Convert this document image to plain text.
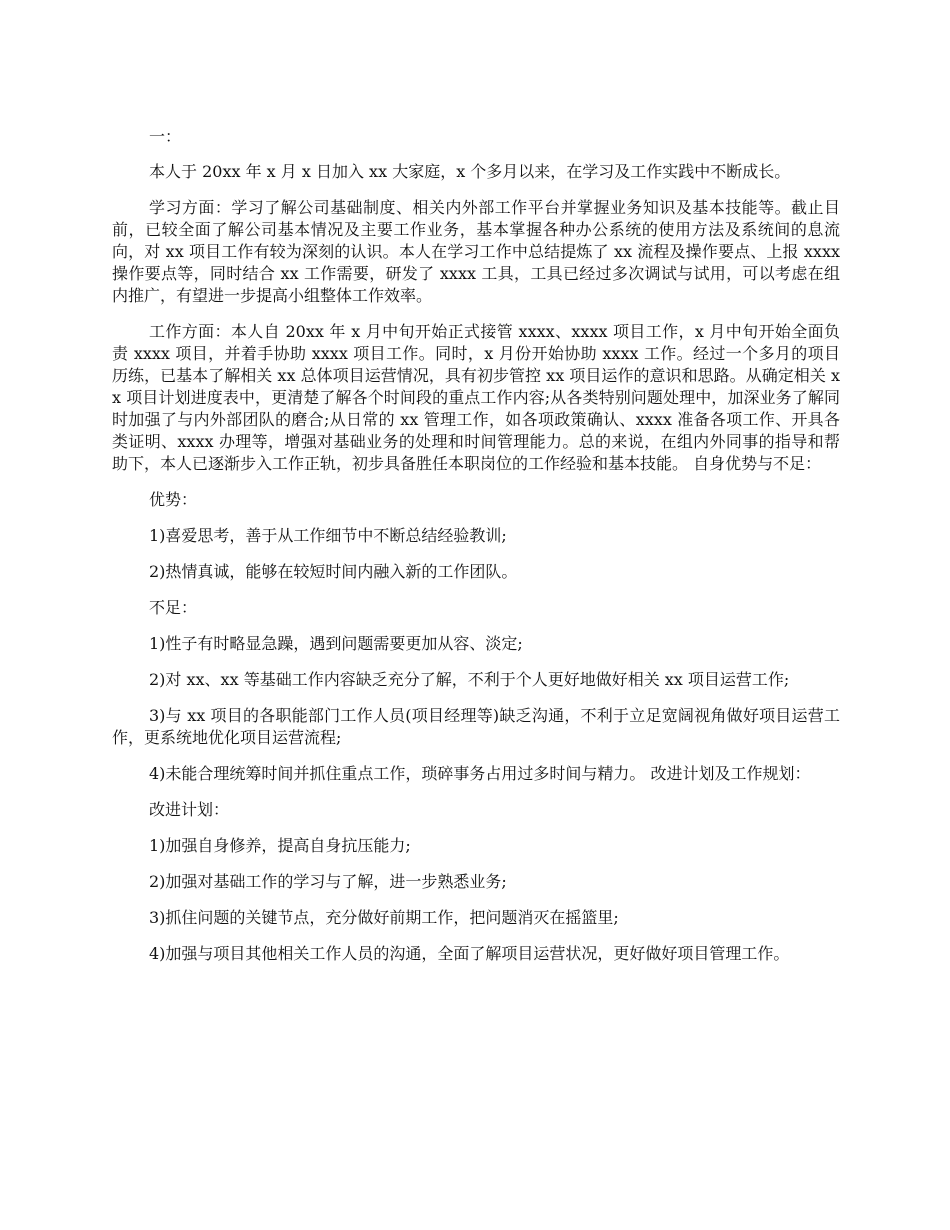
一：

本人于 20xx 年 x 月 x 日加入 xx 大家庭，x 个多月以来，在学习及工作实践中不断成长。

学习方面：学习了解公司基础制度、相关内外部工作平台并掌握业务知识及基本技能等。截止目前，已较全面了解公司基本情况及主要工作业务，基本掌握各种办公系统的使用方法及系统间的息流向，对 xx 项目工作有较为深刻的认识。本人在学习工作中总结提炼了 xx 流程及操作要点、上报 xxxx 操作要点等，同时结合 xx 工作需要，研发了 xxxx 工具，工具已经过多次调试与试用，可以考虑在组内推广，有望进一步提高小组整体工作效率。

工作方面：本人自 20xx 年 x 月中旬开始正式接管 xxxx、xxxx 项目工作，x 月中旬开始全面负责 xxxx 项目，并着手协助 xxxx 项目工作。同时，x 月份开始协助 xxxx 工作。经过一个多月的项目历练，已基本了解相关 xx 总体项目运营情况，具有初步管控 xx 项目运作的意识和思路。从确定相关 xx 项目计划进度表中，更清楚了解各个时间段的重点工作内容;从各类特别问题处理中，加深业务了解同时加强了与内外部团队的磨合;从日常的 xx 管理工作，如各项政策确认、xxxx 准备各项工作、开具各类证明、xxxx 办理等，增强对基础业务的处理和时间管理能力。总的来说，在组内外同事的指导和帮助下，本人已逐渐步入工作正轨，初步具备胜任本职岗位的工作经验和基本技能。 自身优势与不足：

优势：

1)喜爱思考，善于从工作细节中不断总结经验教训;

2)热情真诚，能够在较短时间内融入新的工作团队。

不足：

1)性子有时略显急躁，遇到问题需要更加从容、淡定;

2)对 xx、xx 等基础工作内容缺乏充分了解，不利于个人更好地做好相关 xx 项目运营工作;

3)与 xx 项目的各职能部门工作人员(项目经理等)缺乏沟通，不利于立足宽阔视角做好项目运营工作，更系统地优化项目运营流程;

4)未能合理统筹时间并抓住重点工作，琐碎事务占用过多时间与精力。 改进计划及工作规划：

改进计划：

1)加强自身修养，提高自身抗压能力;

2)加强对基础工作的学习与了解，进一步熟悉业务;

3)抓住问题的关键节点，充分做好前期工作，把问题消灭在摇篮里;

4)加强与项目其他相关工作人员的沟通，全面了解项目运营状况，更好做好项目管理工作。
